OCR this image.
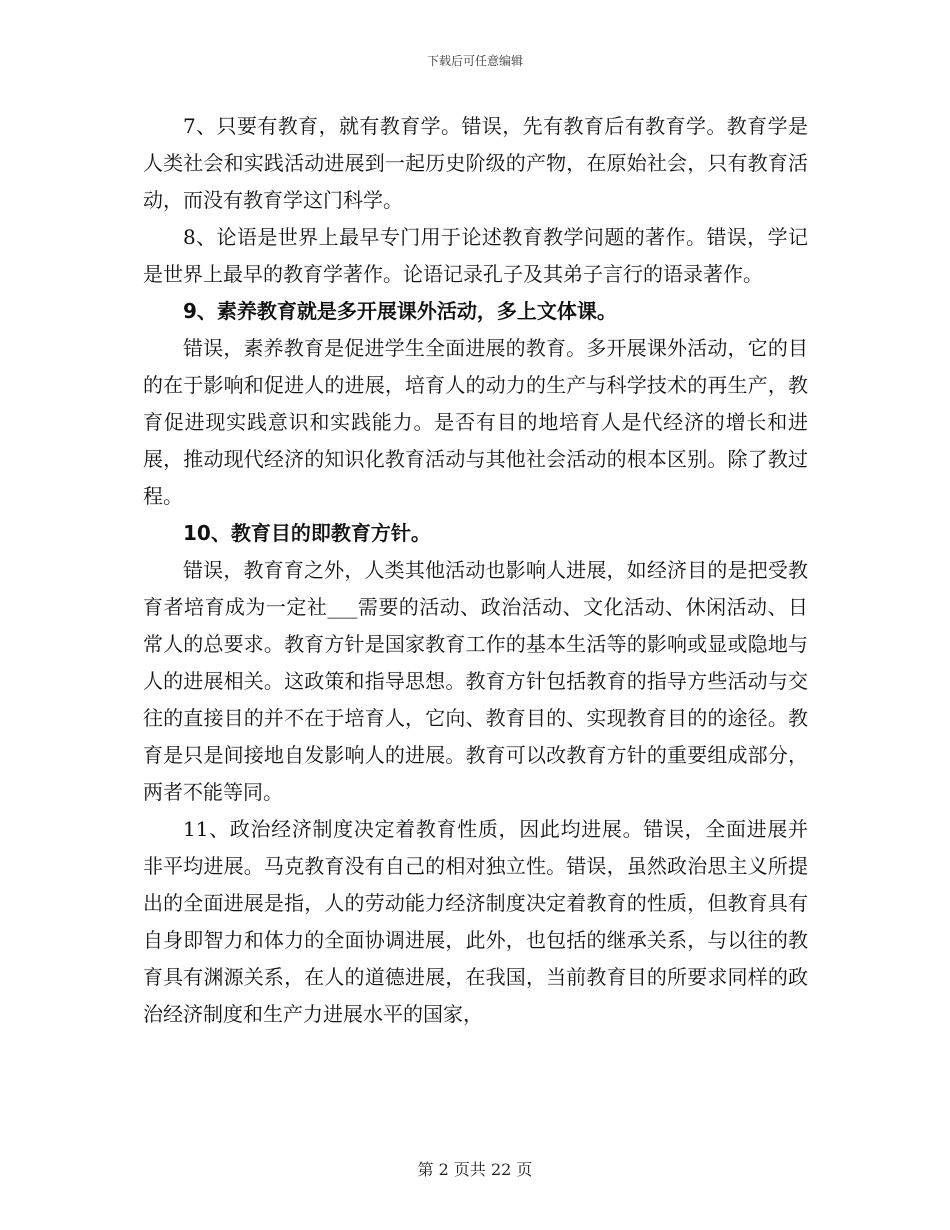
下载后可任意编辑

7、只要有教育，就有教育学。错误，先有教育后有教育学。教育学是人类社会和实践活动进展到一起历史阶级的产物，在原始社会，只有教育活动，而没有教育学这门科学。

8、论语是世界上最早专门用于论述教育教学问题的著作。错误，学记是世界上最早的教育学著作。论语记录孔子及其弟子言行的语录著作。

9、素养教育就是多开展课外活动，多上文体课。

错误，素养教育是促进学生全面进展的教育。多开展课外活动，它的目的在于影响和促进人的进展，培育人的动力的生产与科学技术的再生产，教育促进现实践意识和实践能力。是否有目的地培育人是代经济的增长和进展，推动现代经济的知识化教育活动与其他社会活动的根本区别。除了教过程。

10、教育目的即教育方针。

错误，教育育之外，人类其他活动也影响人进展，如经济目的是把受教育者培育成为一定社___需要的活动、政治活动、文化活动、休闲活动、日常人的总要求。教育方针是国家教育工作的基本生活等的影响或显或隐地与人的进展相关。这政策和指导思想。教育方针包括教育的指导方些活动与交往的直接目的并不在于培育人，它向、教育目的、实现教育目的的途径。教育是只是间接地自发影响人的进展。教育可以改教育方针的重要组成部分，两者不能等同。

11、政治经济制度决定着教育性质，因此均进展。错误，全面进展并非平均进展。马克教育没有自己的相对独立性。错误，虽然政治思主义所提出的全面进展是指，人的劳动能力经济制度决定着教育的性质，但教育具有自身即智力和体力的全面协调进展，此外，也包括的继承关系，与以往的教育具有渊源关系，在人的道德进展，在我国，当前教育目的所要求同样的政治经济制度和生产力进展水平的国家，

第 2 页共 22 页
